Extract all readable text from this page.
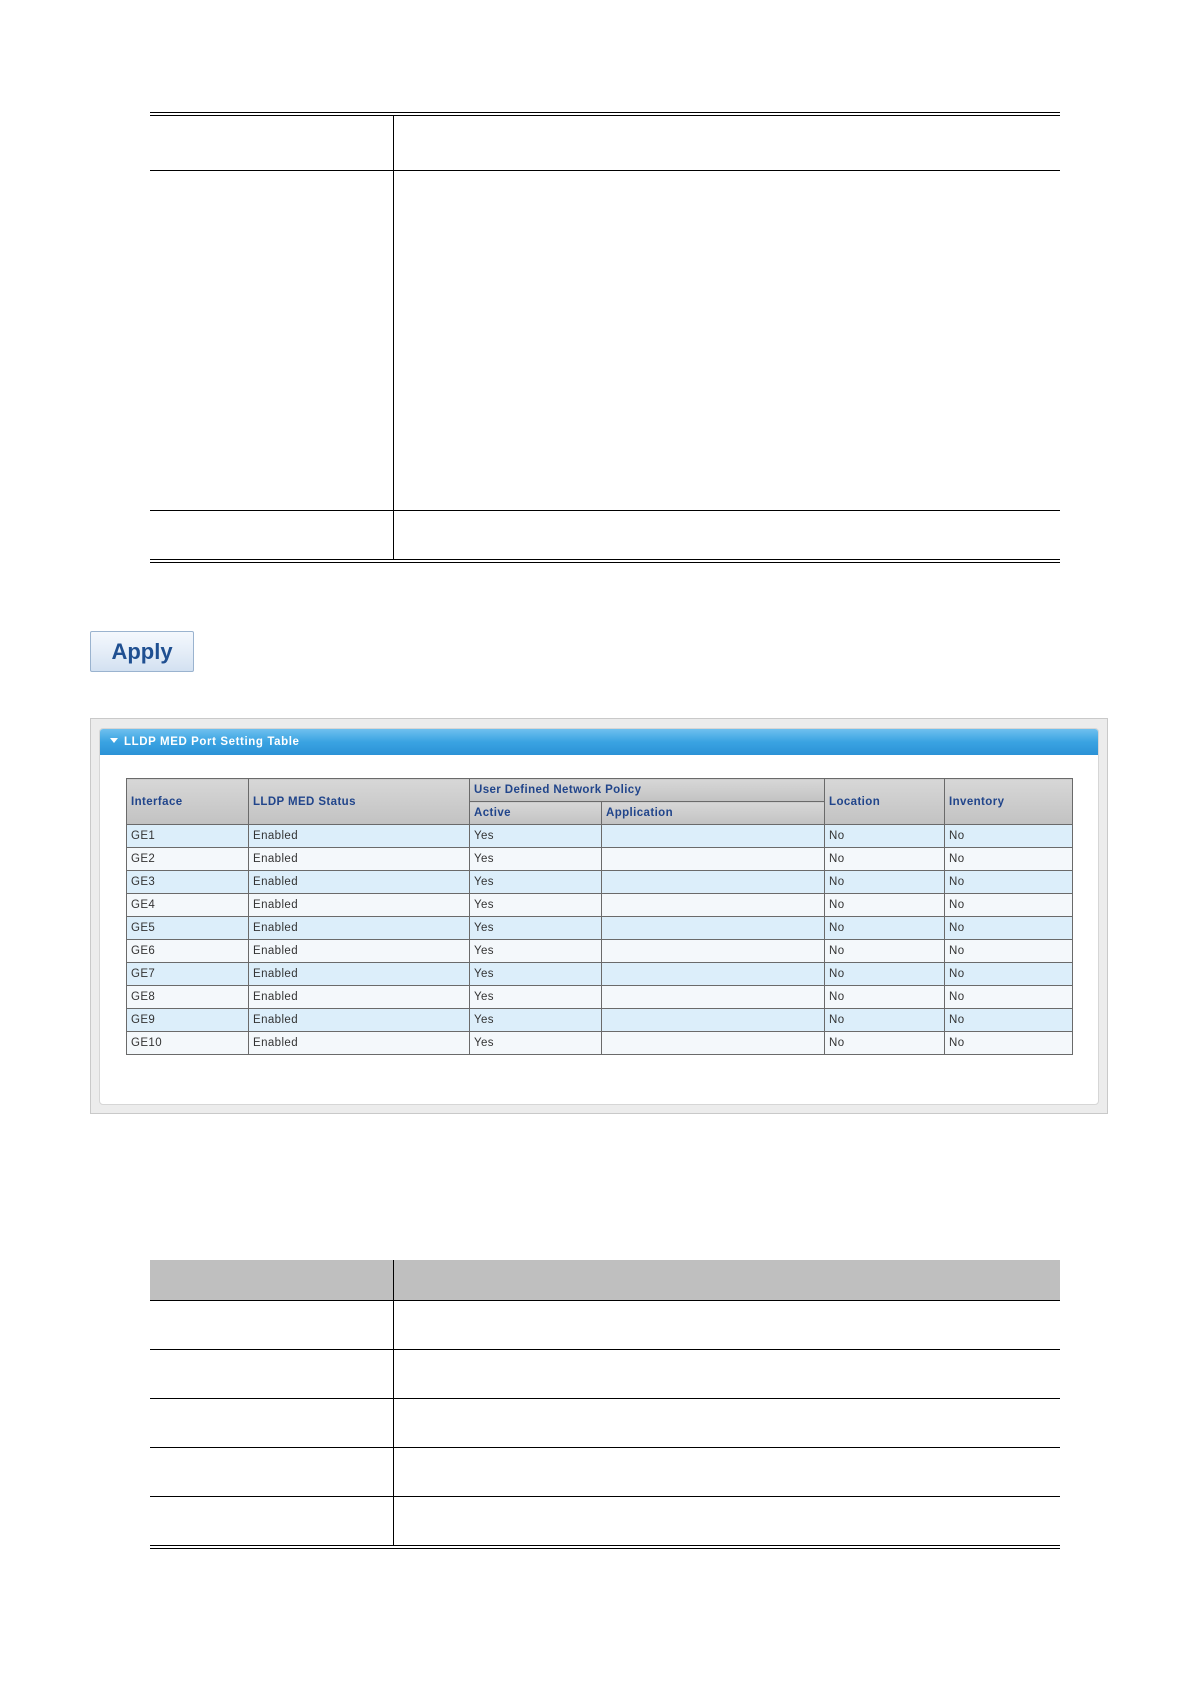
Apply
LLDP MED Port Setting Table
Interface	LLDP MED Status	User Defined Network Policy		Location	Inventory
		Active	Application		
GE1	Enabled	Yes		No	No
GE2	Enabled	Yes		No	No
GE3	Enabled	Yes		No	No
GE4	Enabled	Yes		No	No
GE5	Enabled	Yes		No	No
GE6	Enabled	Yes		No	No
GE7	Enabled	Yes		No	No
GE8	Enabled	Yes		No	No
GE9	Enabled	Yes		No	No
GE10	Enabled	Yes		No	No
